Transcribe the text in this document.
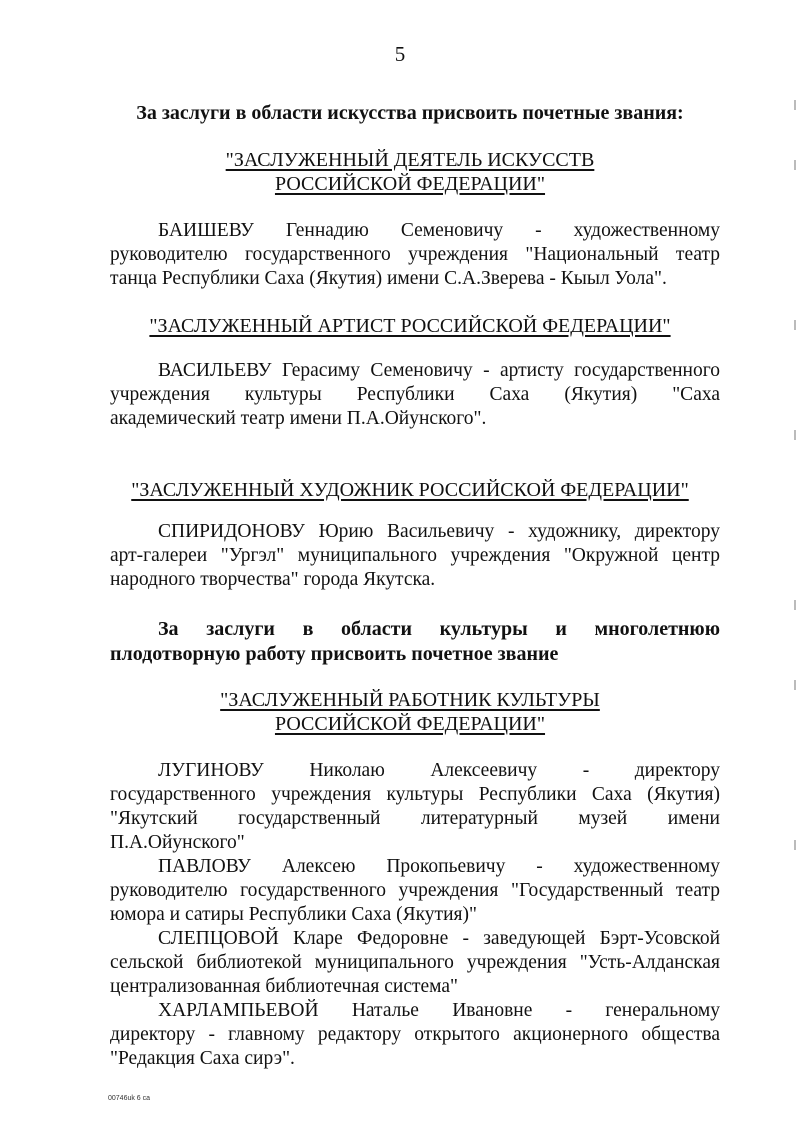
5
За заслуги в области искусства присвоить почетные звания:
"ЗАСЛУЖЕННЫЙ ДЕЯТЕЛЬ ИСКУССТВ
РОССИЙСКОЙ ФЕДЕРАЦИИ"
БАИШЕВУ Геннадию Семеновичу - художественному
руководителю государственного учреждения "Национальный театр
танца Республики Саха (Якутия) имени С.А.Зверева - Кыыл Уола".
"ЗАСЛУЖЕННЫЙ АРТИСТ РОССИЙСКОЙ ФЕДЕРАЦИИ"
ВАСИЛЬЕВУ Герасиму Семеновичу - артисту государственного
учреждения культуры Республики Саха (Якутия) "Саха
академический театр имени П.А.Ойунского".
"ЗАСЛУЖЕННЫЙ ХУДОЖНИК РОССИЙСКОЙ ФЕДЕРАЦИИ"
СПИРИДОНОВУ Юрию Васильевичу - художнику, директору
арт-галереи "Ургэл" муниципального учреждения "Окружной центр
народного творчества" города Якутска.
За заслуги в области культуры и многолетнюю
плодотворную работу присвоить почетное звание
"ЗАСЛУЖЕННЫЙ РАБОТНИК КУЛЬТУРЫ
РОССИЙСКОЙ ФЕДЕРАЦИИ"
ЛУГИНОВУ Николаю Алексеевичу - директору
государственного учреждения культуры Республики Саха (Якутия)
"Якутский государственный литературный музей имени
П.А.Ойунского"
ПАВЛОВУ Алексею Прокопьевичу - художественному
руководителю государственного учреждения "Государственный театр
юмора и сатиры Республики Саха (Якутия)"
СЛЕПЦОВОЙ Кларе Федоровне - заведующей Бэрт-Усовской
сельской библиотекой муниципального учреждения "Усть-Алданская
централизованная библиотечная система"
ХАРЛАМПЬЕВОЙ Наталье Ивановне - генеральному
директору - главному редактору открытого акционерного общества
"Редакция Саха сирэ".
00746uk 6 ca
